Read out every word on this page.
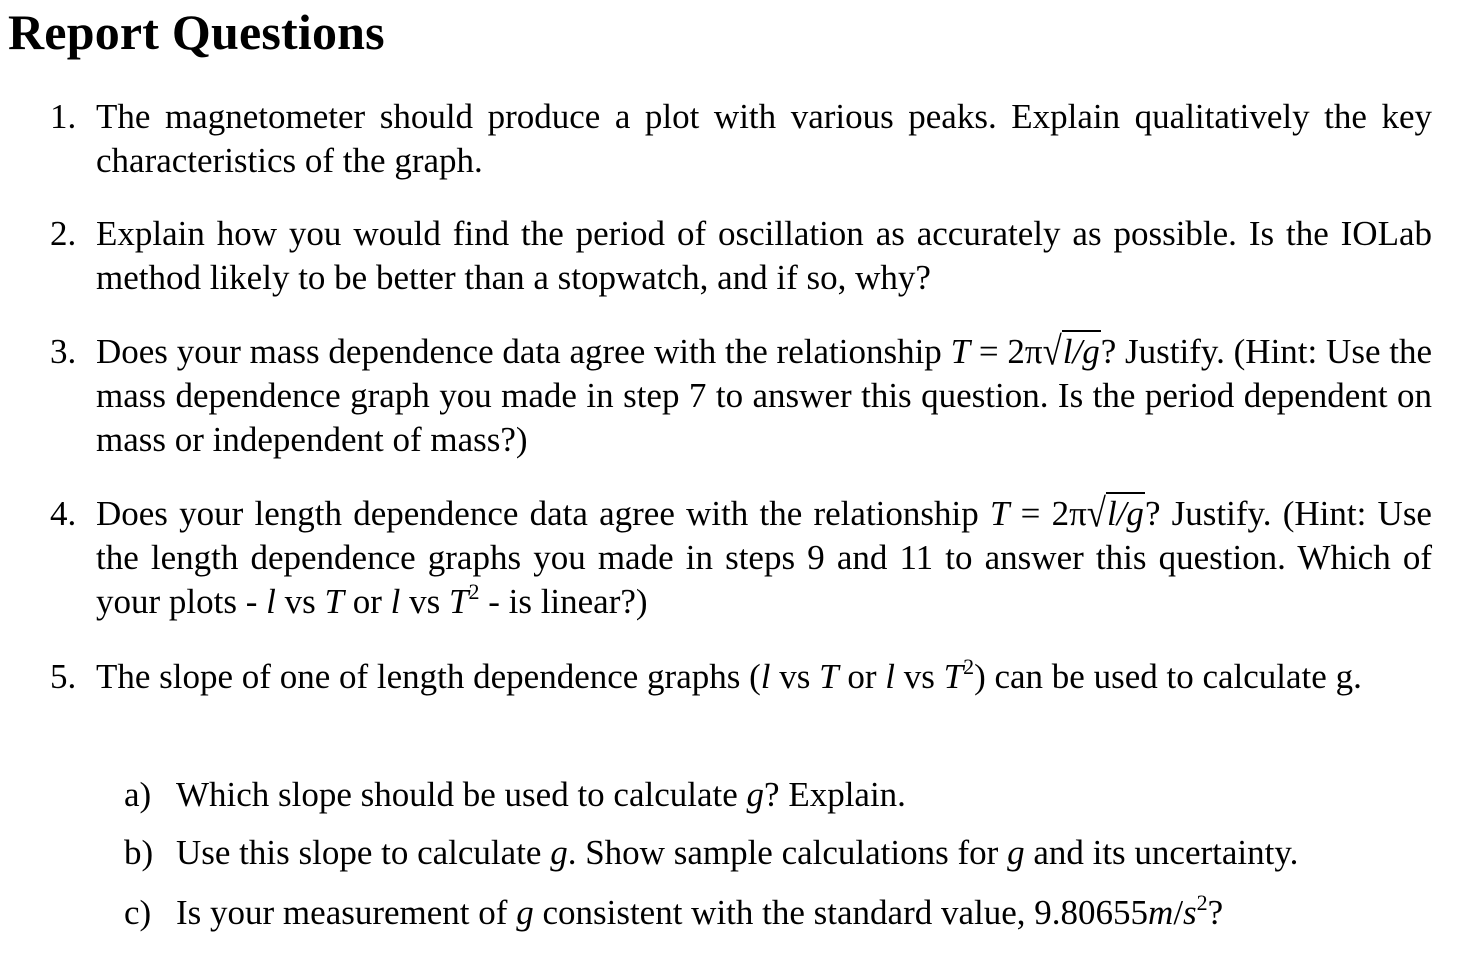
Report Questions
1. The magnetometer should produce a plot with various peaks. Explain qualitatively the key characteristics of the graph.
2. Explain how you would find the period of oscillation as accurately as possible. Is the IOLab method likely to be better than a stopwatch, and if so, why?
3. Does your mass dependence data agree with the relationship T = 2π√l/g? Justify. (Hint: Use the mass dependence graph you made in step 7 to answer this question. Is the period dependent on mass or independent of mass?)
4. Does your length dependence data agree with the relationship T = 2π√l/g? Justify. (Hint: Use the length dependence graphs you made in steps 9 and 11 to answer this question. Which of your plots - l vs T or l vs $T^2$ - is linear?)
5. The slope of one of length dependence graphs (l vs T or l vs $T^2$) can be used to calculate g.
a) Which slope should be used to calculate g? Explain.
b) Use this slope to calculate g. Show sample calculations for g and its uncertainty.
c) Is your measurement of g consistent with the standard value, $9.80655m/s^2$?
